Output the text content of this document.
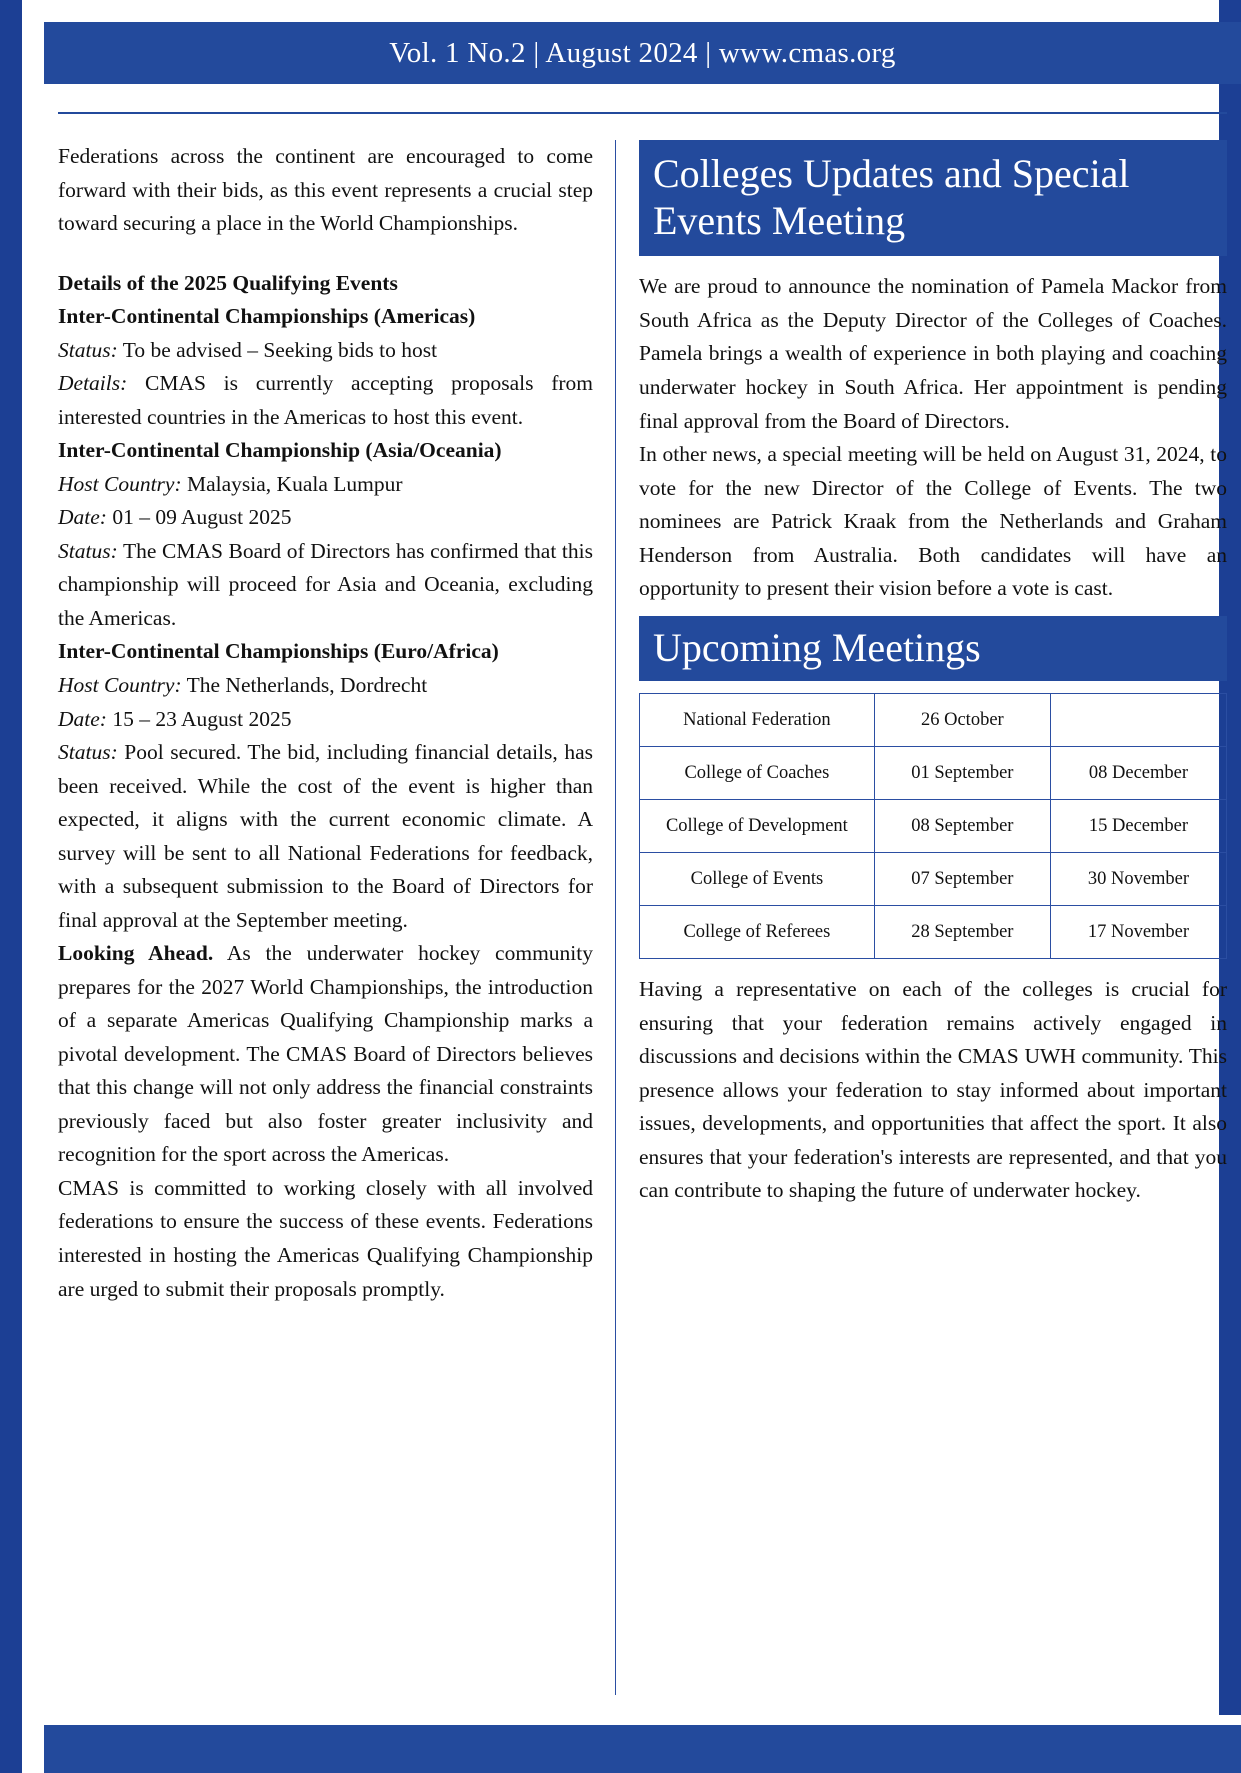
Vol. 1 No.2 | August 2024 | www.cmas.org

Federations across the continent are encouraged to come forward with their bids, as this event represents a crucial step toward securing a place in the World Championships.

Details of the 2025 Qualifying Events
Inter-Continental Championships (Americas)

Status: To be advised – Seeking bids to host

Details: CMAS is currently accepting proposals from interested countries in the Americas to host this event.

Inter-Continental Championship (Asia/Oceania)

Host Country: Malaysia, Kuala Lumpur

Date: 01 – 09 August 2025

Status: The CMAS Board of Directors has confirmed that this championship will proceed for Asia and Oceania, excluding the Americas.

Inter-Continental Championships (Euro/Africa)

Host Country: The Netherlands, Dordrecht

Date: 15 – 23 August 2025

Status: Pool secured. The bid, including financial details, has been received. While the cost of the event is higher than expected, it aligns with the current economic climate. A survey will be sent to all National Federations for feedback, with a subsequent submission to the Board of Directors for final approval at the September meeting.

Looking Ahead. As the underwater hockey community prepares for the 2027 World Championships, the introduction of a separate Americas Qualifying Championship marks a pivotal development. The CMAS Board of Directors believes that this change will not only address the financial constraints previously faced but also foster greater inclusivity and recognition for the sport across the Americas.

CMAS is committed to working closely with all involved federations to ensure the success of these events. Federations interested in hosting the Americas Qualifying Championship are urged to submit their proposals promptly.

Colleges Updates and Special Events Meeting

We are proud to announce the nomination of Pamela Mackor from South Africa as the Deputy Director of the Colleges of Coaches. Pamela brings a wealth of experience in both playing and coaching underwater hockey in South Africa. Her appointment is pending final approval from the Board of Directors.

In other news, a special meeting will be held on August 31, 2024, to vote for the new Director of the College of Events. The two nominees are Patrick Kraak from the Netherlands and Graham Henderson from Australia. Both candidates will have an opportunity to present their vision before a vote is cast.

Upcoming Meetings
National Federation	26 October	
College of Coaches	01 September	08 December
College of Development	08 September	15 December
College of Events	07 September	30 November
College of Referees	28 September	17 November

Having a representative on each of the colleges is crucial for ensuring that your federation remains actively engaged in discussions and decisions within the CMAS UWH community. This presence allows your federation to stay informed about important issues, developments, and opportunities that affect the sport. It also ensures that your federation's interests are represented, and that you can contribute to shaping the future of underwater hockey.
